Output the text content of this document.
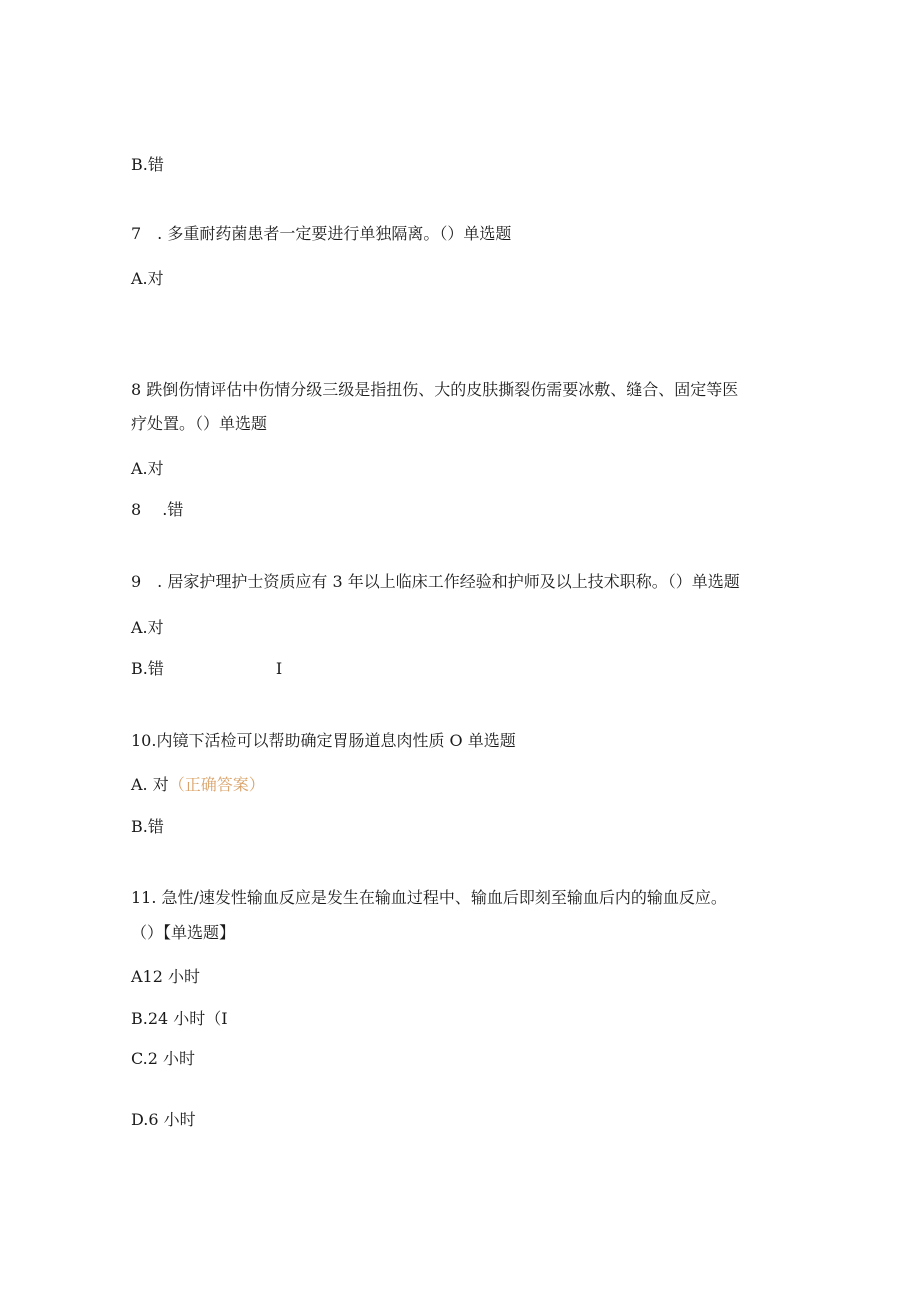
B.错
7　. 多重耐药菌患者一定要进行单独隔离。（）单选题
A.对
8 跌倒伤情评估中伤情分级三级是指扭伤、大的皮肤撕裂伤需要冰敷、缝合、固定等医
疗处置。（）单选题
A.对
8　 .错
9　. 居家护理护士资质应有 3 年以上临床工作经验和护师及以上技术职称。（）单选题
A.对
B.错　　　　　　　I
10.内镜下活检可以帮助确定胃肠道息肉性质 O 单选题
A. 对（正确答案）
B.错
11. 急性/速发性输血反应是发生在输血过程中、输血后即刻至输血后内的输血反应。
（）【单选题】
A12 小时
B.24 小时（I
C.2 小时
D.6 小时
